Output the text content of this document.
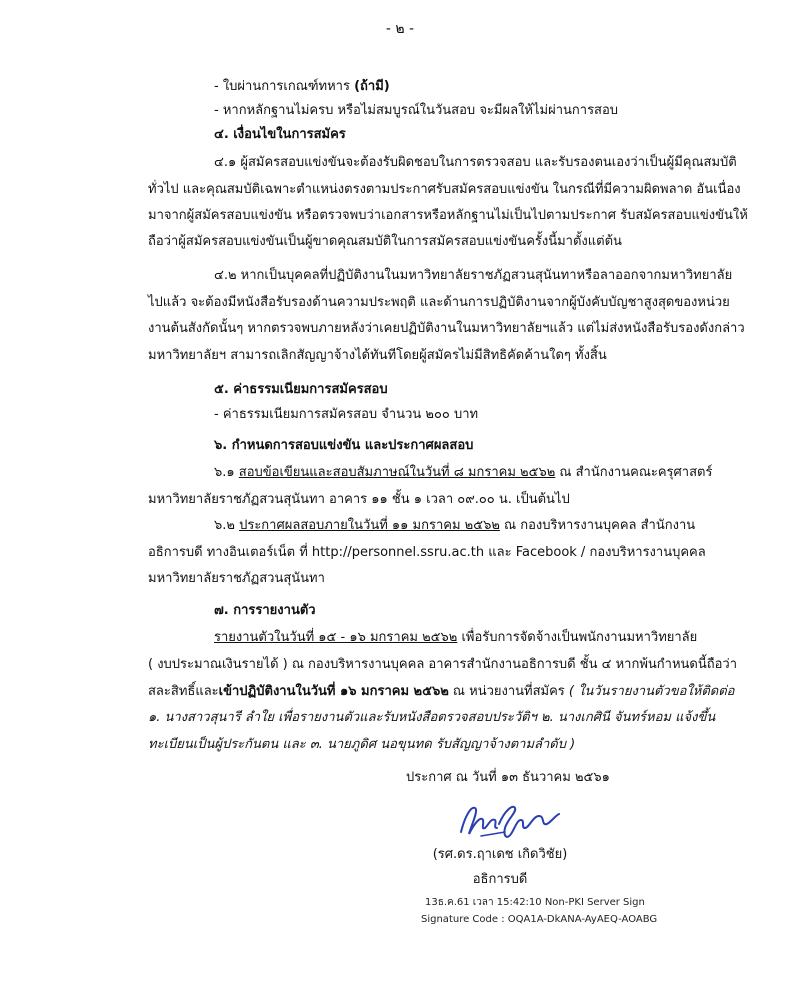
- ๒ -
- ใบผ่านการเกณฑ์ทหาร (ถ้ามี)
- หากหลักฐานไม่ครบ หรือไม่สมบูรณ์ในวันสอบ จะมีผลให้ไม่ผ่านการสอบ
๔. เงื่อนไขในการสมัคร
๔.๑ ผู้สมัครสอบแข่งขันจะต้องรับผิดชอบในการตรวจสอบ และรับรองตนเองว่าเป็นผู้มีคุณสมบัติ
ทั่วไป และคุณสมบัติเฉพาะตำแหน่งตรงตามประกาศรับสมัครสอบแข่งขัน ในกรณีที่มีความผิดพลาด อันเนื่อง
มาจากผู้สมัครสอบแข่งขัน หรือตรวจพบว่าเอกสารหรือหลักฐานไม่เป็นไปตามประกาศ รับสมัครสอบแข่งขันให้
ถือว่าผู้สมัครสอบแข่งขันเป็นผู้ขาดคุณสมบัติในการสมัครสอบแข่งขันครั้งนี้มาตั้งแต่ต้น
๔.๒ หากเป็นบุคคลที่ปฏิบัติงานในมหาวิทยาลัยราชภัฏสวนสุนันทาหรือลาออกจากมหาวิทยาลัย
ไปแล้ว จะต้องมีหนังสือรับรองด้านความประพฤติ และด้านการปฏิบัติงานจากผู้บังคับบัญชาสูงสุดของหน่วย
งานต้นสังกัดนั้นๆ หากตรวจพบภายหลังว่าเคยปฏิบัติงานในมหาวิทยาลัยฯแล้ว แต่ไม่ส่งหนังสือรับรองดังกล่าว
มหาวิทยาลัยฯ สามารถเลิกสัญญาจ้างได้ทันทีโดยผู้สมัครไม่มีสิทธิคัดค้านใดๆ ทั้งสิ้น
๕. ค่าธรรมเนียมการสมัครสอบ
- ค่าธรรมเนียมการสมัครสอบ จำนวน ๒๐๐ บาท
๖. กำหนดการสอบแข่งขัน และประกาศผลสอบ
๖.๑ สอบข้อเขียนและสอบสัมภาษณ์ในวันที่ ๘ มกราคม ๒๕๖๒ ณ สำนักงานคณะครุศาสตร์
มหาวิทยาลัยราชภัฏสวนสุนันทา อาคาร ๑๑ ชั้น ๑ เวลา ๐๙.๐๐ น. เป็นต้นไป
๖.๒ ประกาศผลสอบภายในวันที่ ๑๑ มกราคม ๒๕๖๒ ณ กองบริหารงานบุคคล สำนักงาน
อธิการบดี ทางอินเตอร์เน็ต ที่ http://personnel.ssru.ac.th และ Facebook / กองบริหารงานบุคคล
มหาวิทยาลัยราชภัฏสวนสุนันทา
๗. การรายงานตัว
รายงานตัวในวันที่ ๑๕ - ๑๖ มกราคม ๒๕๖๒ เพื่อรับการจัดจ้างเป็นพนักงานมหาวิทยาลัย
( งบประมาณเงินรายได้ ) ณ กองบริหารงานบุคคล อาคารสำนักงานอธิการบดี ชั้น ๔ หากพ้นกำหนดนี้ถือว่า
สละสิทธิ์และเข้าปฏิบัติงานในวันที่ ๑๖ มกราคม ๒๕๖๒ ณ หน่วยงานที่สมัคร ( ในวันรายงานตัวขอให้ติดต่อ
๑. นางสาวสุนารี ลำใย เพื่อรายงานตัวและรับหนังสือตรวจสอบประวัติฯ ๒. นางเกศินี จันทร์หอม แจ้งขึ้น
ทะเบียนเป็นผู้ประกันตน และ ๓. นายภูดิศ นอขุนทด รับสัญญาจ้างตามลำดับ )
ประกาศ ณ วันที่ ๑๓ ธันวาคม ๒๕๖๑
(รศ.ดร.ฤาเดช เกิดวิชัย)
อธิการบดี
13ธ.ค.61 เวลา 15:42:10 Non-PKI Server Sign
Signature Code : OQA1A-DkANA-AyAEQ-AOABG
